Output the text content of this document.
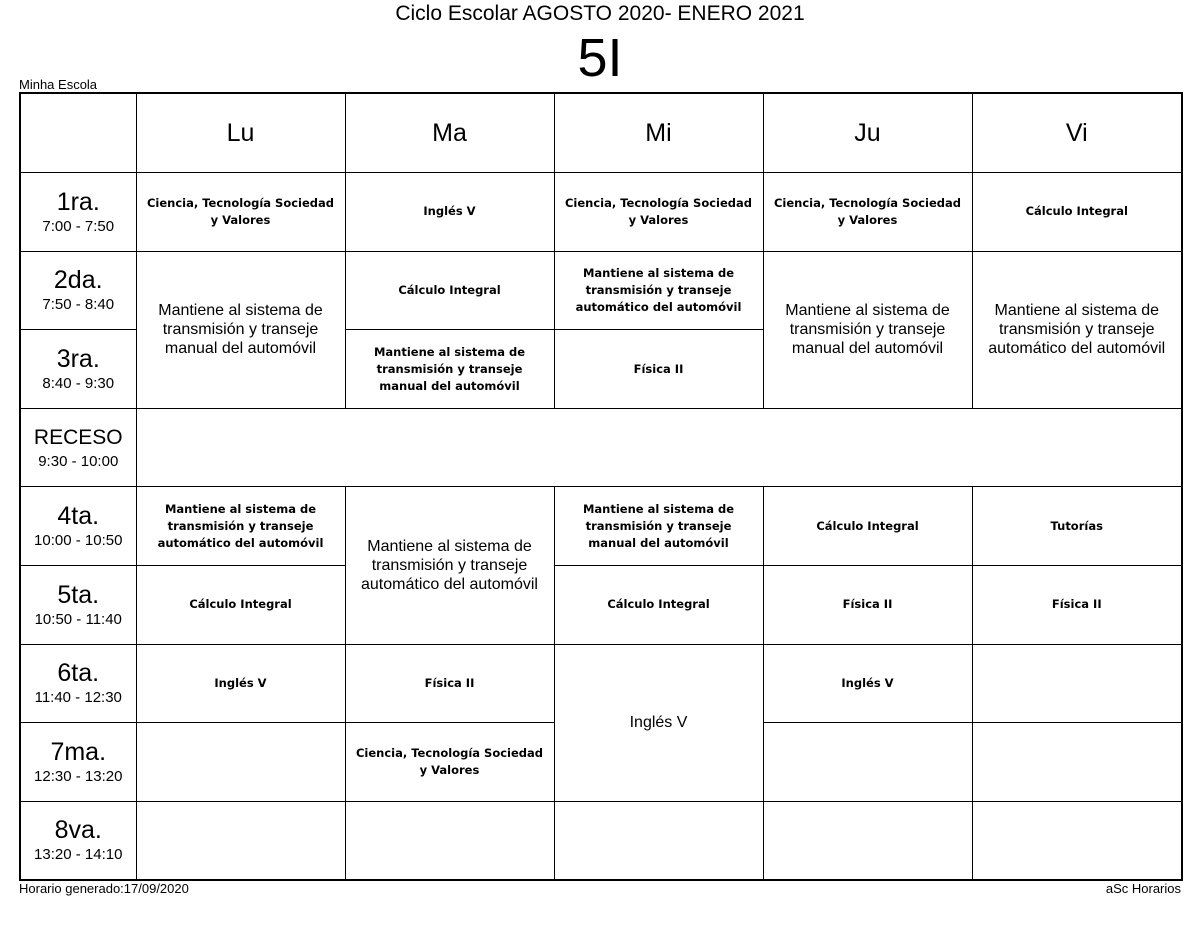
Ciclo Escolar AGOSTO 2020- ENERO 2021
5I
Minha Escola
	Lu	Ma	Mi	Ju	Vi

1ra.
7:00 - 7:50	Ciencia, Tecnología Sociedad y Valores	Inglés V	Ciencia, Tecnología Sociedad y Valores	Ciencia, Tecnología Sociedad y Valores	Cálculo Integral

2da.
7:50 - 8:40	Mantiene al sistema de transmisión y transeje manual del automóvil	Cálculo Integral	Mantiene al sistema de transmisión y transeje automático del automóvil	Mantiene al sistema de transmisión y transeje manual del automóvil	Mantiene al sistema de transmisión y transeje automático del automóvil

3ra.
8:40 - 9:30		Mantiene al sistema de transmisión y transeje manual del automóvil	Física II		

RECESO
9:30 - 10:00					

4ta.
10:00 - 10:50	Mantiene al sistema de transmisión y transeje automático del automóvil	Mantiene al sistema de transmisión y transeje automático del automóvil	Mantiene al sistema de transmisión y transeje manual del automóvil	Cálculo Integral	Tutorías

5ta.
10:50 - 11:40	Cálculo Integral		Cálculo Integral	Física II	Física II

6ta.
11:40 - 12:30	Inglés V	Física II	Inglés V	Inglés V	

7ma.
12:30 - 13:20		Ciencia, Tecnología Sociedad y Valores			

8va.
13:20 - 14:10					

Horario generado:17/09/2020	aSc Horarios
